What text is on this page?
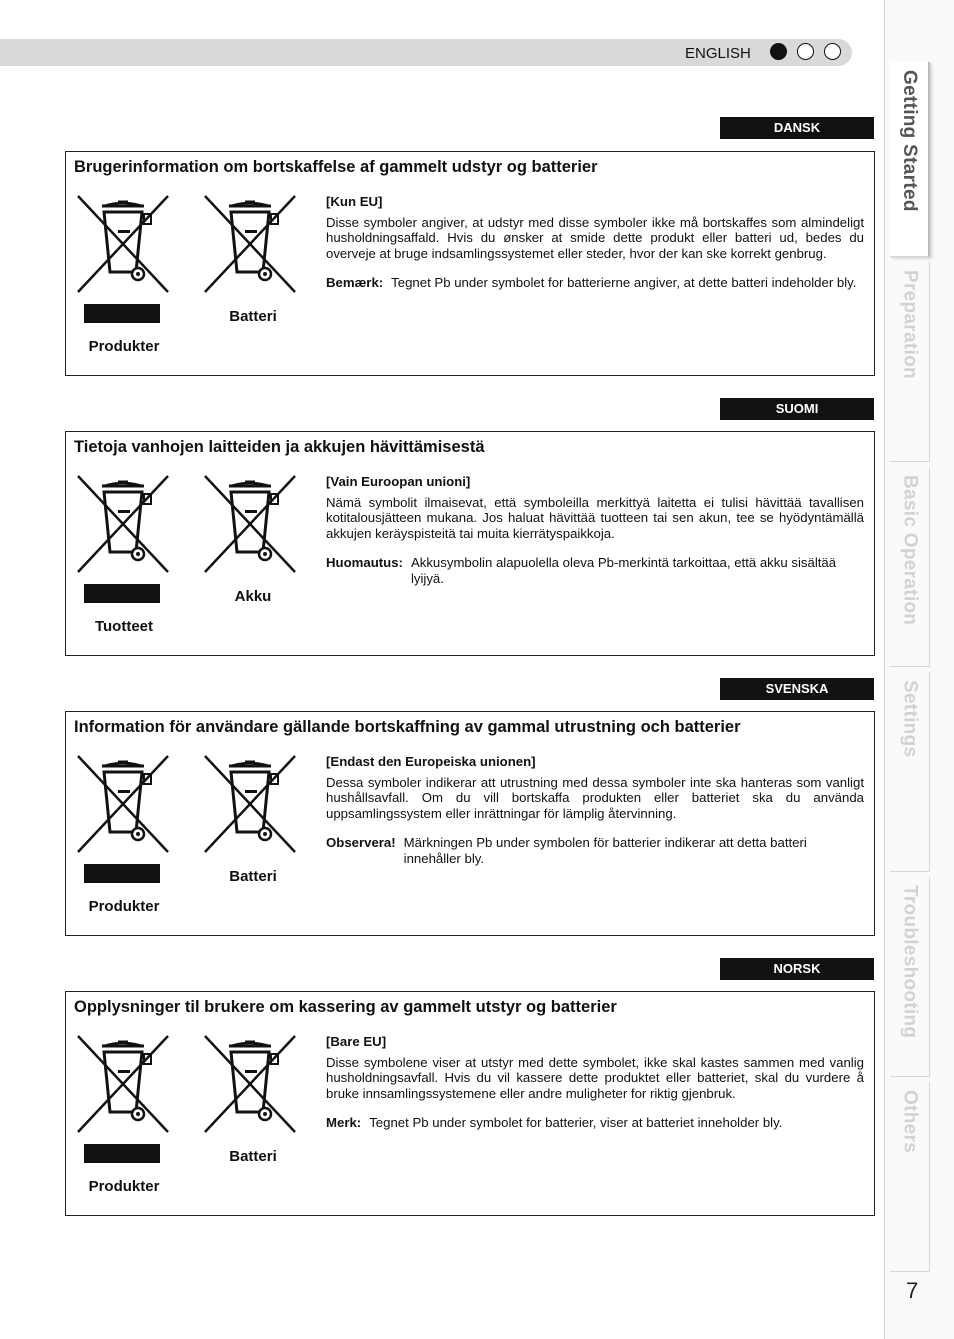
ENGLISH
Getting Started
Preparation
Basic Operation
Settings
Troubleshooting
Others
7
DANSK
Brugerinformation om bortskaffelse af gammelt udstyr og batterier
Produkter
Batteri
[Kun EU]

Disse symboler angiver, at udstyr med disse symboler ikke må bortskaffes som almindeligt husholdningsaffald. Hvis du ønsker at smide dette produkt eller batteri ud, bedes du overveje at bruge indsamlingssystemet eller steder, hvor der kan ske korrekt genbrug.

Bemærk: Tegnet Pb under symbolet for batterierne angiver, at dette batteri indeholder bly.
SUOMI
Tietoja vanhojen laitteiden ja akkujen hävittämisestä
Tuotteet
Akku
[Vain Euroopan unioni]

Nämä symbolit ilmaisevat, että symboleilla merkittyä laitetta ei tulisi hävittää tavallisen kotitalousjätteen mukana. Jos haluat hävittää tuotteen tai sen akun, tee se hyödyntämällä akkujen keräyspisteitä tai muita kierrätyspaikkoja.

Huomautus: Akkusymbolin alapuolella oleva Pb-merkintä tarkoittaa, että akku sisältää lyijyä.
SVENSKA
Information för användare gällande bortskaffning av gammal utrustning och batterier
Produkter
Batteri
[Endast den Europeiska unionen]

Dessa symboler indikerar att utrustning med dessa symboler inte ska hanteras som vanligt hushållsavfall. Om du vill bortskaffa produkten eller batteriet ska du använda uppsamlingssystem eller inrättningar för lämplig återvinning.

Observera! Märkningen Pb under symbolen för batterier indikerar att detta batteri innehåller bly.
NORSK
Opplysninger til brukere om kassering av gammelt utstyr og batterier
Produkter
Batteri
[Bare EU]

Disse symbolene viser at utstyr med dette symbolet, ikke skal kastes sammen med vanlig husholdningsavfall. Hvis du vil kassere dette produktet eller batteriet, skal du vurdere å bruke innsamlingssystemene eller andre muligheter for riktig gjenbruk.

Merk: Tegnet Pb under symbolet for batterier, viser at batteriet inneholder bly.
